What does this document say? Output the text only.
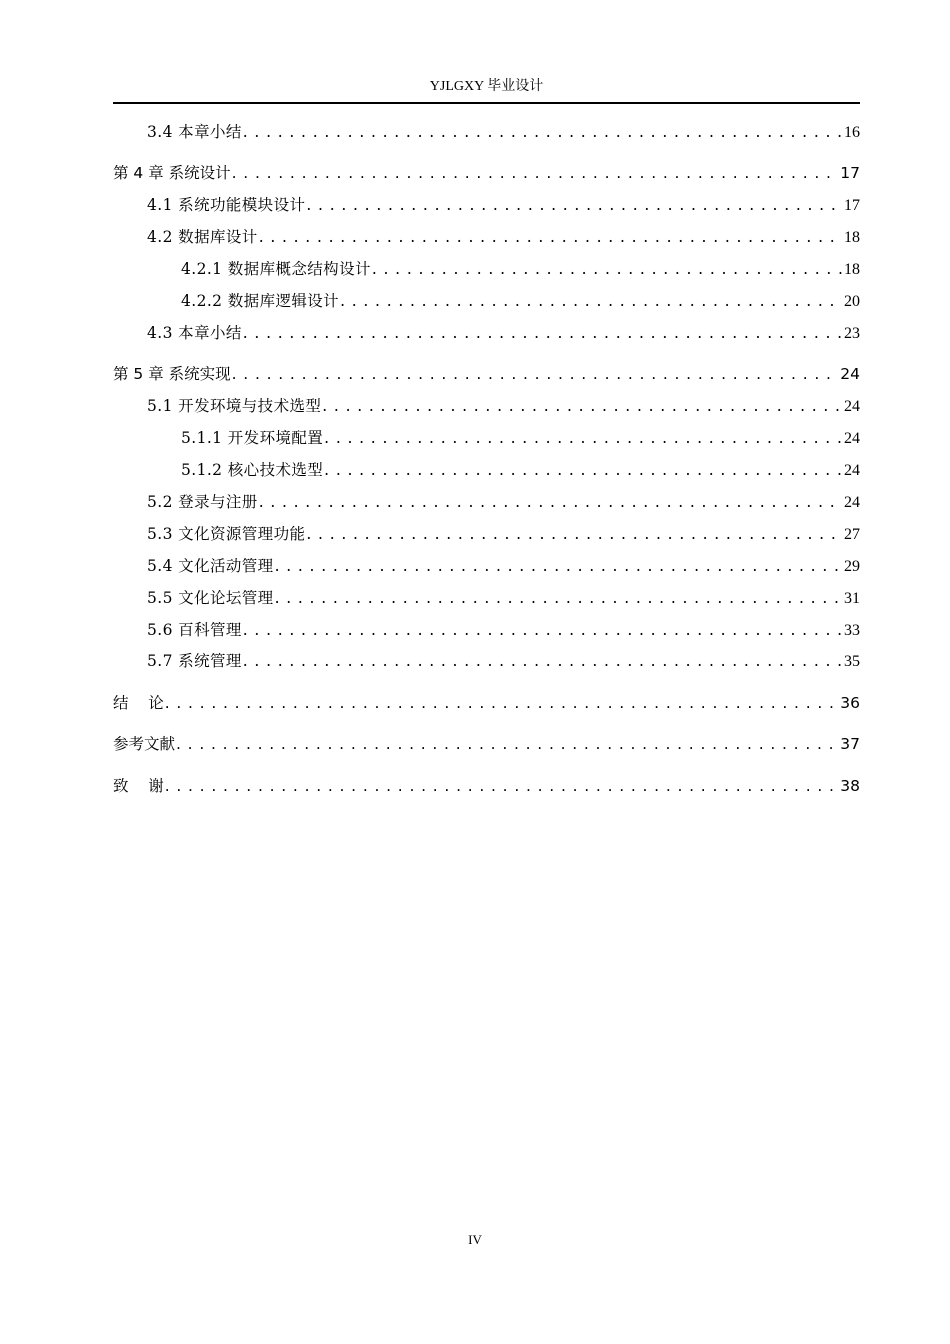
YJLGXY 毕业设计
3.4 本章小结 . . .	16
第 4 章 系统设计 . . .	17
4.1 系统功能模块设计 . . .	17
4.2 数据库设计 . . .	18
4.2.1 数据库概念结构设计 . . .	18
4.2.2 数据库逻辑设计 . . .	20
4.3 本章小结 . . .	23
第 5 章 系统实现 . . .	24
5.1 开发环境与技术选型 . . .	24
5.1.1 开发环境配置 . . .	24
5.1.2 核心技术选型 . . .	24
5.2 登录与注册 . . .	24
5.3 文化资源管理功能 . . .	27
5.4 文化活动管理 . . .	29
5.5 文化论坛管理 . . .	31
5.6 百科管理 . . .	33
5.7 系统管理 . . .	35
结    论 . . .	36
参考文献 . . .	37
致    谢 . . .	38
IV
